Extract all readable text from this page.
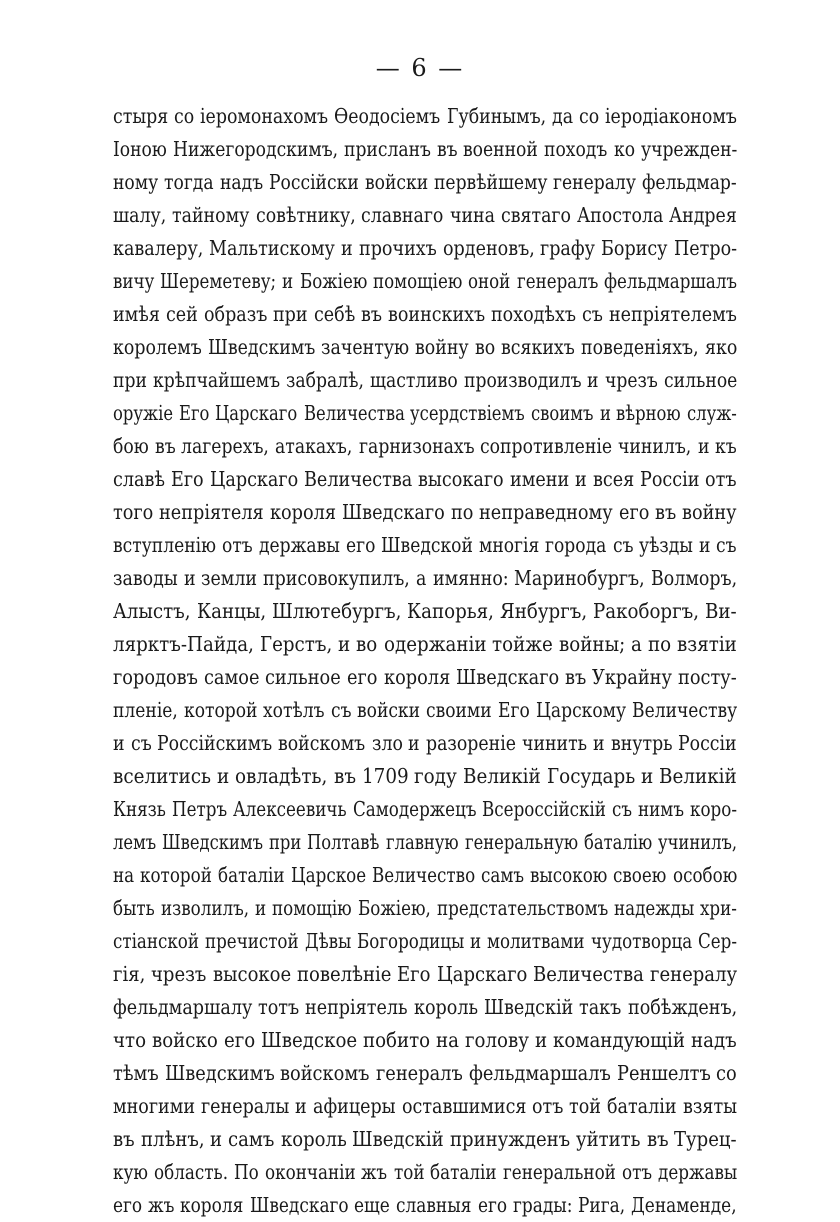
— 6 —
стыря со іеромонахомъ Ѳеодосіемъ Губинымъ, да со іеродіакономъ
Іоною Нижегородскимъ, присланъ въ военной походъ ко учрежден-
ному тогда надъ Россійски войски первѣйшему генералу фельдмар-
шалу, тайному совѣтнику, славнаго чина святаго Апостола Андрея
кавалеру, Мальтискому и прочихъ орденовъ, графу Борису Петро-
вичу Шереметеву; и Божіею помощіею оной генералъ фельдмаршалъ
имѣя сей образъ при себѣ въ воинскихъ походѣхъ съ непріятелемъ
королемъ Шведскимъ зачентую войну во всякихъ поведеніяхъ, яко
при крѣпчайшемъ забралѣ, щастливо производилъ и чрезъ сильное
оружіе Его Царскаго Величества усердствіемъ своимъ и вѣрною служ-
бою въ лагерехъ, атакахъ, гарнизонахъ сопротивленіе чинилъ, и къ
славѣ Его Царскаго Величества высокаго имени и всея Россіи отъ
того непріятеля короля Шведскаго по неправедному его въ войну
вступленію отъ державы его Шведской многія города съ уѣзды и съ
заводы и земли присовокупилъ, а имянно: Маринобургъ, Волморъ,
Алыстъ, Канцы, Шлютебургъ, Капорья, Янбургъ, Ракоборгъ, Ви-
лярктъ-Пайда, Герстъ, и во одержаніи тойже войны; а по взятіи
городовъ самое сильное его короля Шведскаго въ Украйну посту-
пленіе, которой хотѣлъ съ войски своими Его Царскому Величеству
и съ Россійскимъ войскомъ зло и разореніе чинить и внутрь Россіи
вселитись и овладѣть, въ 1709 году Великій Государь и Великій
Князь Петръ Алексеевичь Самодержецъ Всероссійскій съ нимъ коро-
лемъ Шведскимъ при Полтавѣ главную генеральную баталію учинилъ,
на которой баталіи Царское Величество самъ высокою своею особою
быть изволилъ, и помощію Божіею, предстательствомъ надежды хри-
стіанской пречистой Дѣвы Богородицы и молитвами чудотворца Сер-
гія, чрезъ высокое повелѣніе Его Царскаго Величества генералу
фельдмаршалу тотъ непріятель король Шведскій такъ побѣжденъ,
что войско его Шведское побито на голову и командующій надъ
тѣмъ Шведскимъ войскомъ генералъ фельдмаршалъ Реншелтъ со
многими генералы и афицеры оставшимися отъ той баталіи взяты
въ плѣнъ, и самъ король Шведскій принужденъ уйтить въ Турец-
кую область. По окончаніи жъ той баталіи генеральной отъ державы
его жъ короля Шведскаго еще славныя его грады: Рига, Денаменде,
